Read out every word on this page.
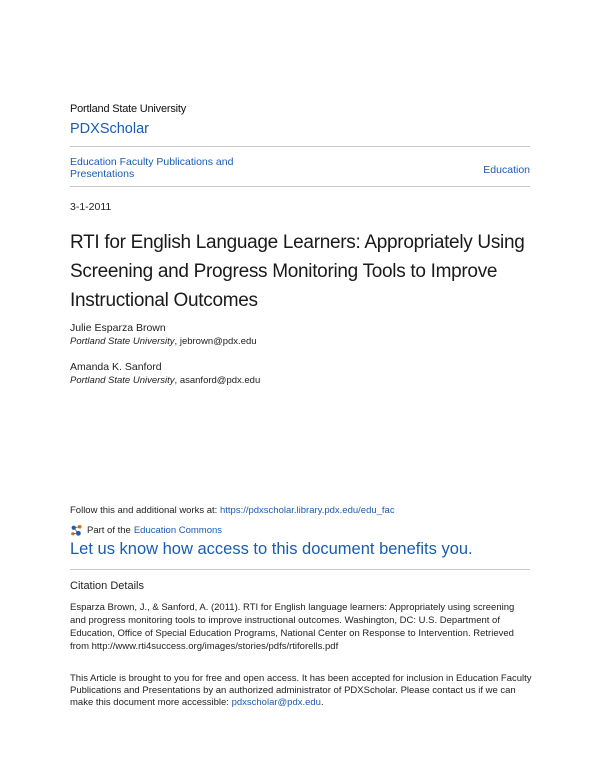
Portland State University
PDXScholar
Education Faculty Publications and Presentations	Education
3-1-2011
RTI for English Language Learners: Appropriately Using Screening and Progress Monitoring Tools to Improve Instructional Outcomes
Julie Esparza Brown
Portland State University, jebrown@pdx.edu
Amanda K. Sanford
Portland State University, asanford@pdx.edu
Follow this and additional works at: https://pdxscholar.library.pdx.edu/edu_fac
Part of the Education Commons
Let us know how access to this document benefits you.
Citation Details
Esparza Brown, J., & Sanford, A. (2011). RTI for English language learners: Appropriately using screening and progress monitoring tools to improve instructional outcomes. Washington, DC: U.S. Department of Education, Office of Special Education Programs, National Center on Response to Intervention. Retrieved from http://www.rti4success.org/images/stories/pdfs/rtiforells.pdf
This Article is brought to you for free and open access. It has been accepted for inclusion in Education Faculty Publications and Presentations by an authorized administrator of PDXScholar. Please contact us if we can make this document more accessible: pdxscholar@pdx.edu.
